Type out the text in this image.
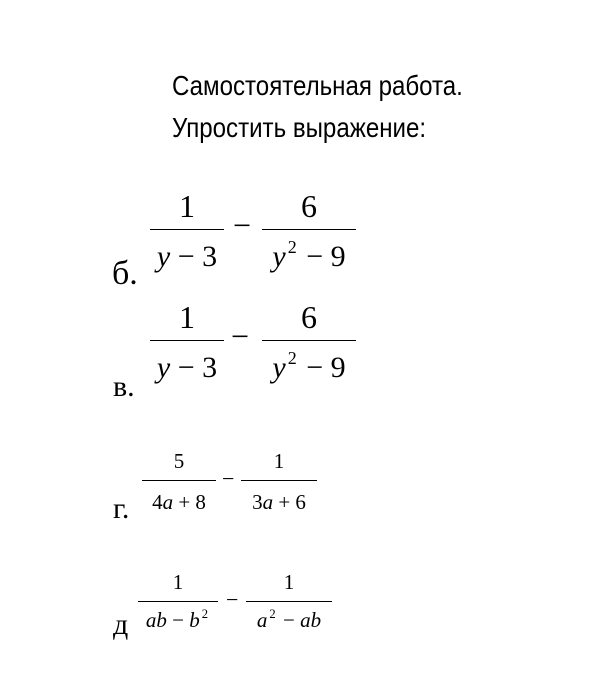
Самостоятельная работа.
Упростить выражение:
б.
1
y − 3
−
6
y $^2$ − 9
в.
1
y − 3
−
6
y $^2$ − 9
г.
5
4a + 8
−
1
3a + 6
д
1
ab − b $^2$
−
1
a $^2$ − ab
